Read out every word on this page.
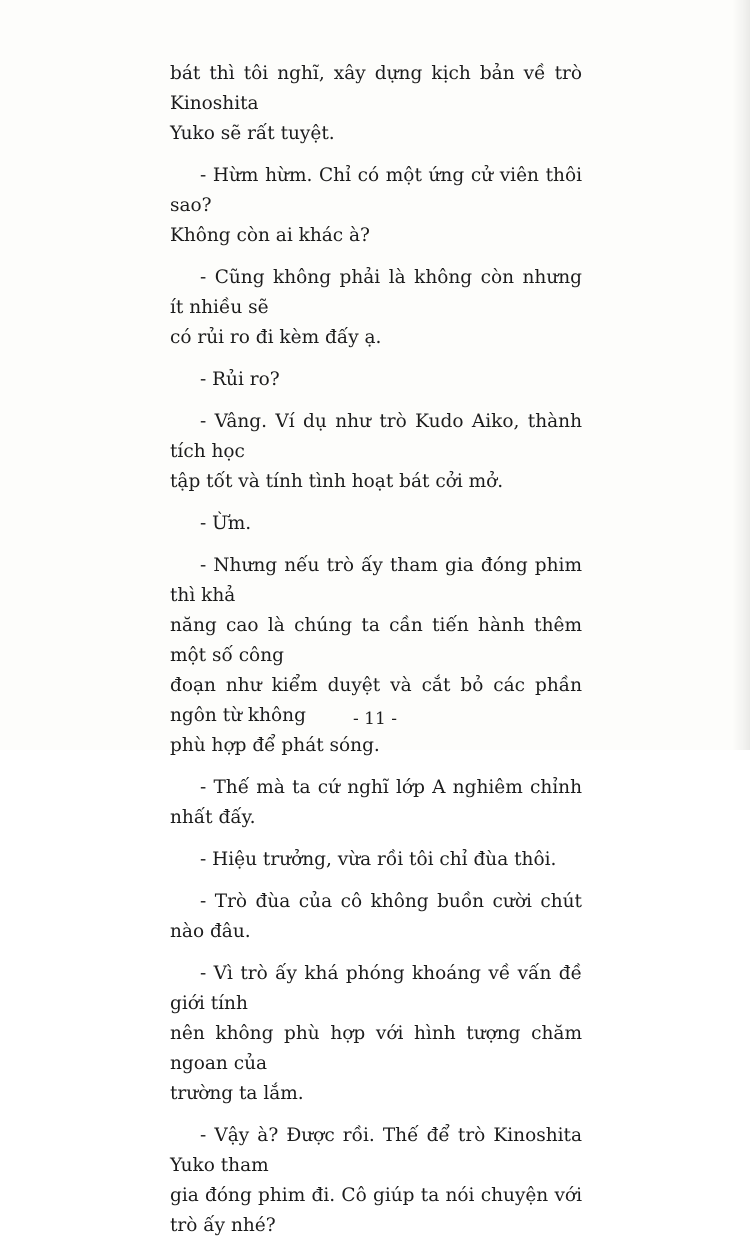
bát thì tôi nghĩ, xây dựng kịch bản về trò Kinoshita
Yuko sẽ rất tuyệt.

- Hừm hừm. Chỉ có một ứng cử viên thôi sao?
Không còn ai khác à?

- Cũng không phải là không còn nhưng ít nhiều sẽ
có rủi ro đi kèm đấy ạ.

- Rủi ro?

- Vâng. Ví dụ như trò Kudo Aiko, thành tích học
tập tốt và tính tình hoạt bát cởi mở.

- Ừm.

- Nhưng nếu trò ấy tham gia đóng phim thì khả
năng cao là chúng ta cần tiến hành thêm một số công
đoạn như kiểm duyệt và cắt bỏ các phần ngôn từ không
phù hợp để phát sóng.

- Thế mà ta cứ nghĩ lớp A nghiêm chỉnh nhất đấy.

- Hiệu trưởng, vừa rồi tôi chỉ đùa thôi.

- Trò đùa của cô không buồn cười chút nào đâu.

- Vì trò ấy khá phóng khoáng về vấn đề giới tính
nên không phù hợp với hình tượng chăm ngoan của
trường ta lắm.

- Vậy à? Được rồi. Thế để trò Kinoshita Yuko tham
gia đóng phim đi. Cô giúp ta nói chuyện với trò ấy nhé?

- 11 -
